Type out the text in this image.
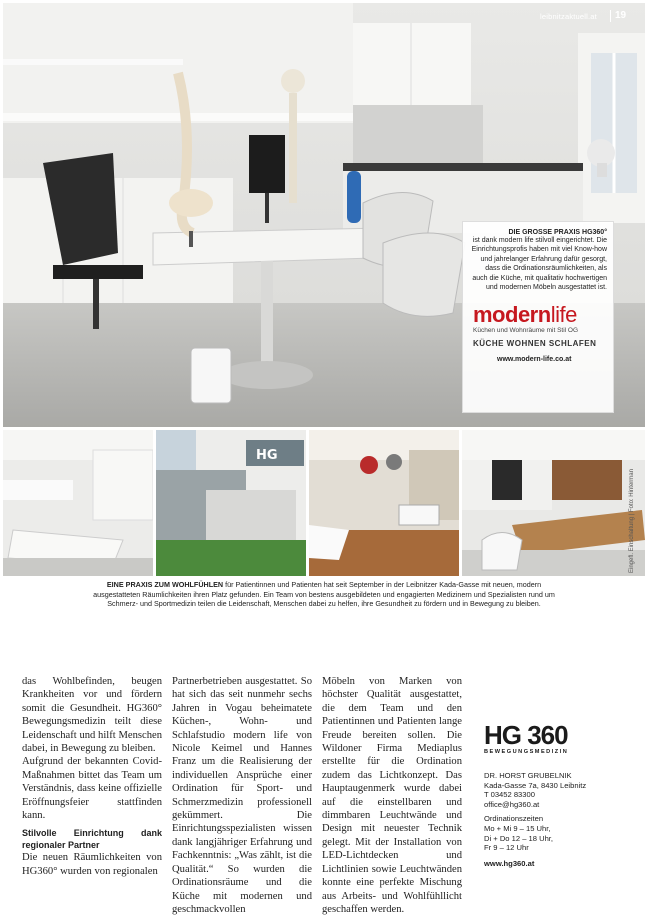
leibnitzaktuell.at 19
DIE GROSSE PRAXIS HG360°
ist dank modern life stilvoll eingerichtet. Die Einrichtungsprofis haben mit viel Know-how und jahrelanger Erfahrung dafür gesorgt, dass die Ordinationsräumlichkeiten, als auch die Küche, mit qualitativ hochwertigen und modernen Möbeln ausgestattet ist.
modernlife
Küchen und Wohnräume mit Stil OG
KÜCHE WOHNEN SCHLAFEN
www.modern-life.co.at
HG
Eingefl. Einschaltung | Foto: Hinterman
EINE PRAXIS ZUM WOHLFÜHLEN für Patientinnen und Patienten hat seit September in der Leibnitzer Kada-Gasse mit neuen, modern ausgestatteten Räumlichkeiten ihren Platz gefunden. Ein Team von bestens ausgebildeten und engagierten Medizinern und Spezialisten rund um Schmerz- und Sportmedizin teilen die Leidenschaft, Menschen dabei zu helfen, ihre Gesundheit zu fördern und in Bewegung zu bleiben.

das Wohlbefinden, beugen Krankheiten vor und fördern somit die Gesundheit. HG360° Bewegungsmedizin teilt diese Leidenschaft und hilft Menschen dabei, in Bewegung zu bleiben.

Aufgrund der bekannten Covid-Maßnahmen bittet das Team um Verständnis, dass keine offizielle Eröffnungsfeier stattfinden kann.

Stilvolle Einrichtung dank regionaler Partner

Die neuen Räumlichkeiten von HG360° wurden von regionalen

Partnerbetrieben ausgestattet. So hat sich das seit nunmehr sechs Jahren in Vogau beheimatete Küchen-, Wohn- und Schlafstudio modern life von Nicole Keimel und Hannes Franz um die Realisierung der individuellen Ansprüche einer Ordination für Sport- und Schmerzmedizin professionell gekümmert. Die Einrichtungsspezialisten wissen dank langjähriger Erfahrung und Fachkenntnis: „Was zählt, ist die Qualität.“ So wurden die Ordinationsräume und die Küche mit modernen und geschmackvollen

Möbeln von Marken von höchster Qualität ausgestattet, die dem Team und den Patientinnen und Patienten lange Freude bereiten sollen. Die Wildoner Firma Mediaplus erstellte für die Ordination zudem das Lichtkonzept. Das Hauptaugenmerk wurde dabei auf die einstellbaren und dimmbaren Leuchtwände und Design mit neuester Technik gelegt. Mit der Installation von LED-Lichtdecken und Lichtlinien sowie Leuchtwänden konnte eine perfekte Mischung aus Arbeits- und Wohlfühllicht geschaffen werden.

HG 360
BEWEGUNGSMEDIZIN
DR. HORST GRUBELNIK
Kada-Gasse 7a, 8430 Leibnitz
T 03452 83300
office@hg360.at
Ordinationszeiten
Mo + Mi 9 – 15 Uhr,
Di + Do 12 – 18 Uhr,
Fr 9 – 12 Uhr
www.hg360.at
